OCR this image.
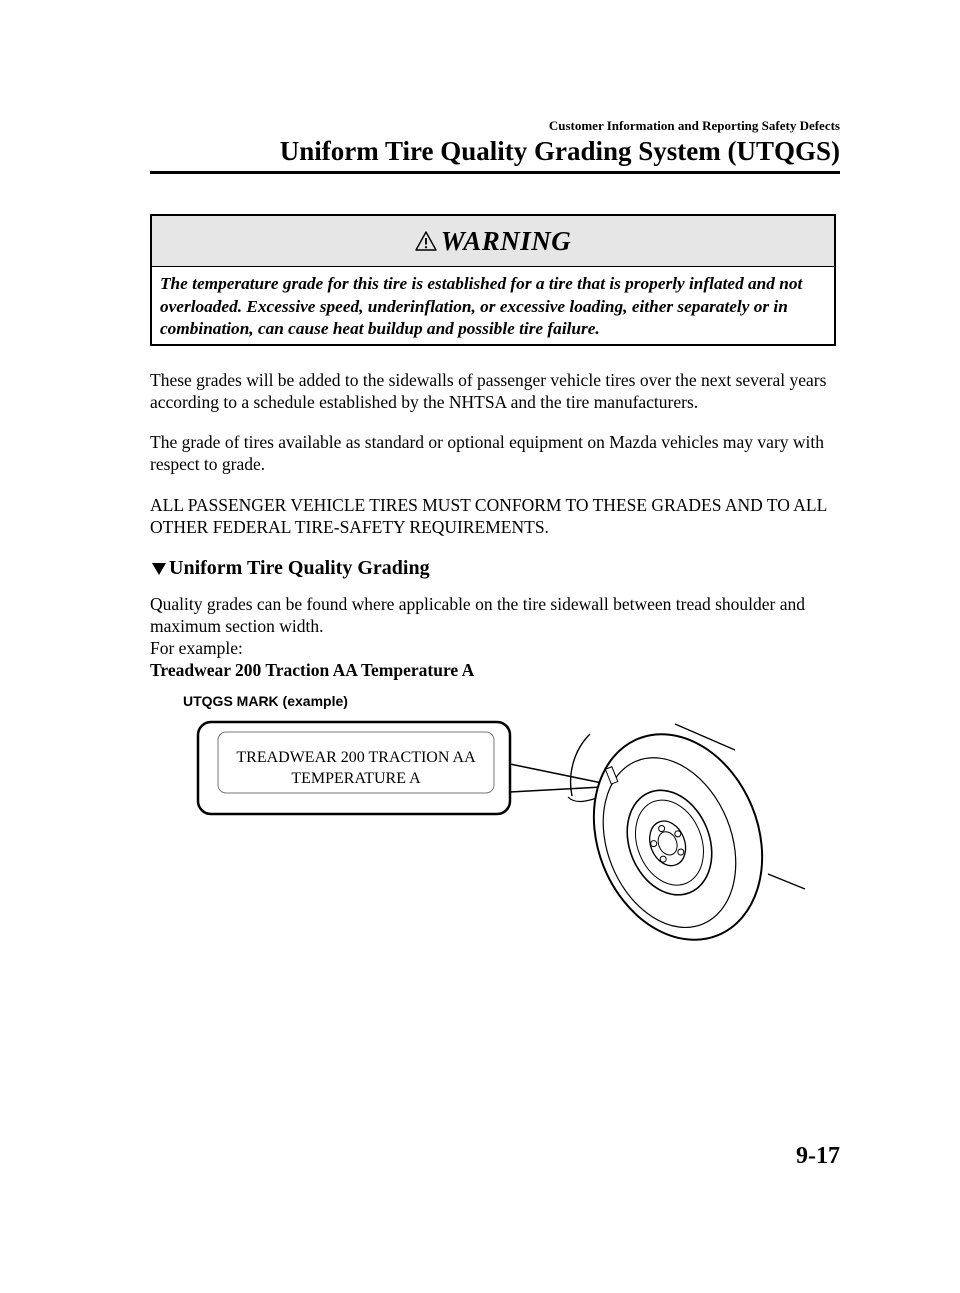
Customer Information and Reporting Safety Defects
Uniform Tire Quality Grading System (UTQGS)
WARNING
The temperature grade for this tire is established for a tire that is properly inflated and not overloaded. Excessive speed, underinflation, or excessive loading, either separately or in combination, can cause heat buildup and possible tire failure.
These grades will be added to the sidewalls of passenger vehicle tires over the next several years according to a schedule established by the NHTSA and the tire manufacturers.
The grade of tires available as standard or optional equipment on Mazda vehicles may vary with respect to grade.
ALL PASSENGER VEHICLE TIRES MUST CONFORM TO THESE GRADES AND TO ALL OTHER FEDERAL TIRE-SAFETY REQUIREMENTS.
Uniform Tire Quality Grading
Quality grades can be found where applicable on the tire sidewall between tread shoulder and maximum section width.
For example:
Treadwear 200 Traction AA Temperature A
UTQGS MARK (example)
TREADWEAR 200 TRACTION AA
TEMPERATURE A
9-17
